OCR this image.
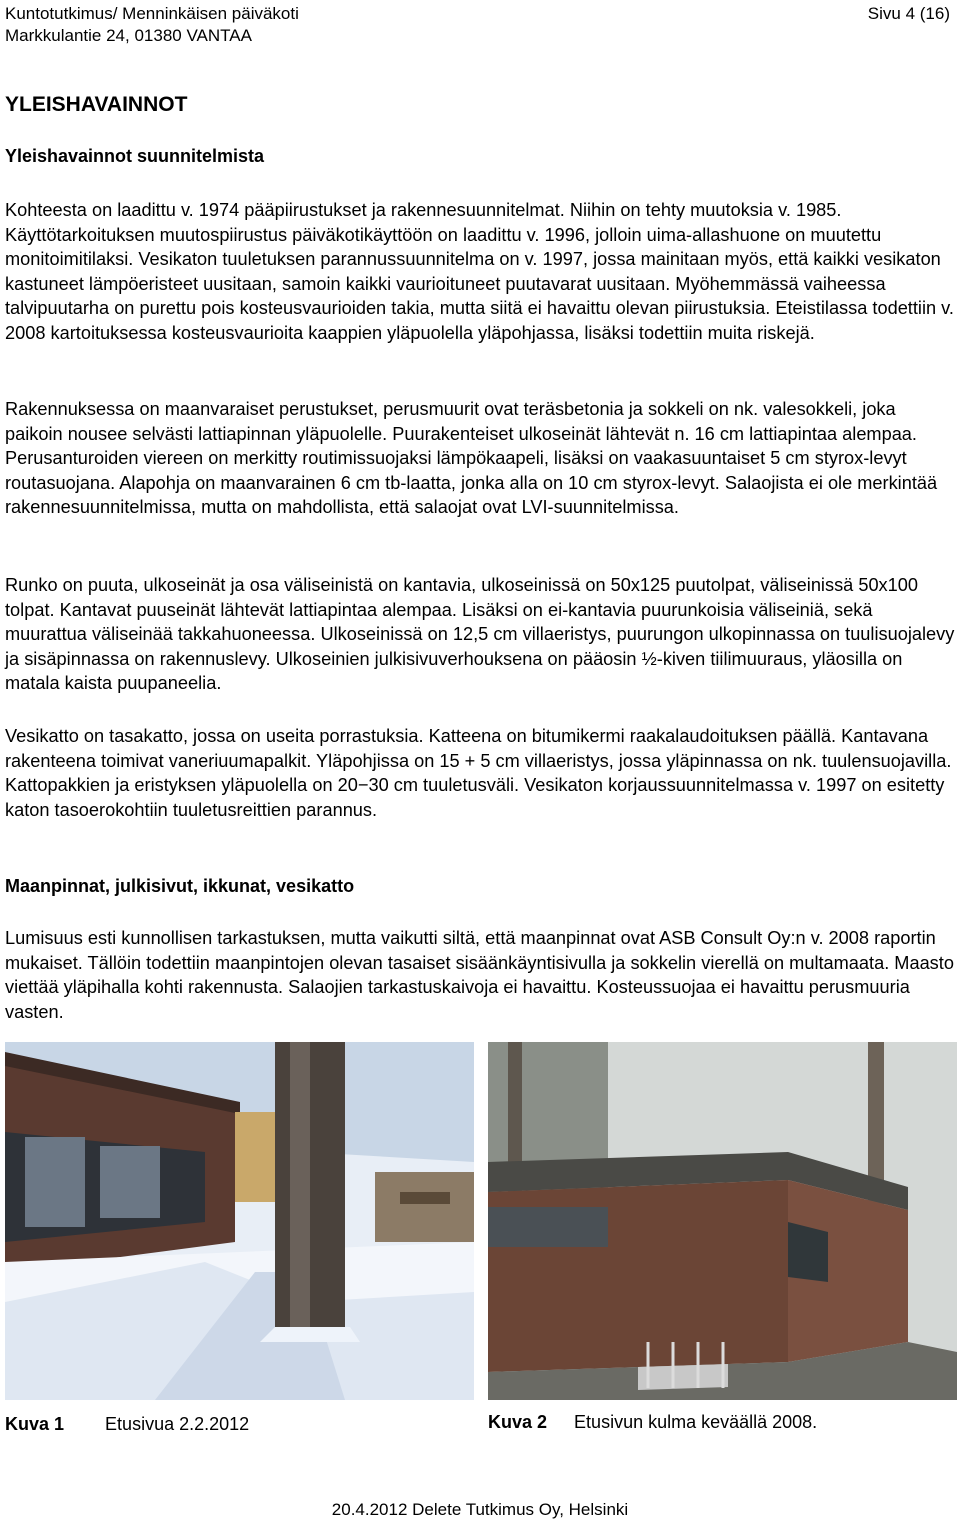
Kuntotutkimus/ Menninkäisen päiväkoti
Markkulantie 24, 01380 VANTAA
Sivu 4 (16)
YLEISHAVAINNOT
Yleishavainnot suunnitelmista

Kohteesta on laadittu v. 1974 pääpiirustukset ja rakennesuunnitelmat. Niihin on tehty muutoksia v. 1985. Käyttötarkoituksen muutospiirustus päiväkotikäyttöön on laadittu v. 1996, jolloin uima-allashuone on muutettu monitoimitilaksi. Vesikaton tuuletuksen parannussuunnitelma on v. 1997, jossa mainitaan myös, että kaikki vesikaton kastuneet lämpöeristeet uusitaan, samoin kaikki vaurioituneet puutavarat uusitaan. Myöhemmässä vaiheessa talvipuutarha on purettu pois kosteusvaurioiden takia, mutta siitä ei havaittu olevan piirustuksia. Eteistilassa todettiin v. 2008 kartoituksessa kosteusvaurioita kaappien yläpuolella yläpohjassa, lisäksi todettiin muita riskejä.

Rakennuksessa on maanvaraiset perustukset, perusmuurit ovat teräsbetonia ja sokkeli on nk. valesokkeli, joka paikoin nousee selvästi lattiapinnan yläpuolelle. Puurakenteiset ulkoseinät lähtevät n. 16 cm lattiapintaa alempaa. Perusanturoiden viereen on merkitty routimissuojaksi lämpökaapeli, lisäksi on vaakasuuntaiset 5 cm styrox-levyt routasuojana. Alapohja on maanvarainen 6 cm tb-laatta, jonka alla on 10 cm styrox-levyt. Salaojista ei ole merkintää rakennesuunnitelmissa, mutta on mahdollista, että salaojat ovat LVI-suunnitelmissa.

Runko on puuta, ulkoseinät ja osa väliseinistä on kantavia, ulkoseinissä on 50x125 puutolpat, väliseinissä 50x100 tolpat. Kantavat puuseinät lähtevät lattiapintaa alempaa. Lisäksi on ei-kantavia puurunkoisia väliseiniä, sekä muurattua väliseinää takkahuoneessa. Ulkoseinissä on 12,5 cm villaeristys, puurungon ulkopinnassa on tuulisuojalevy ja sisäpinnassa on rakennuslevy. Ulkoseinien julkisivuverhouksena on pääosin ½-kiven tiilimuuraus, yläosilla on matala kaista puupaneelia.

Vesikatto on tasakatto, jossa on useita porrastuksia. Katteena on bitumikermi raakalaudoituksen päällä. Kantavana rakenteena toimivat vaneriuumapalkit. Yläpohjissa on 15 + 5 cm villaeristys, jossa yläpinnassa on nk. tuulensuojavilla. Kattopakkien ja eristyksen yläpuolella on 20−30 cm tuuletusväli. Vesikaton korjaussuunnitelmassa v. 1997 on esitetty katon tasoerokohtiin tuuletusreittien parannus.

Maanpinnat, julkisivut, ikkunat, vesikatto

Lumisuus esti kunnollisen tarkastuksen, mutta vaikutti siltä, että maanpinnat ovat ASB Consult Oy:n v. 2008 raportin mukaiset. Tällöin todettiin maanpintojen olevan tasaiset sisäänkäyntisivulla ja sokkelin vierellä on multamaata. Maasto viettää yläpihalla kohti rakennusta. Salaojien tarkastuskaivoja ei havaittu. Kosteussuojaa ei havaittu perusmuuria vasten.

Kuva 1 Etusivua 2.2.2012	Kuva 2 Etusivun kulma keväällä 2008.
20.4.2012 Delete Tutkimus Oy, Helsinki
